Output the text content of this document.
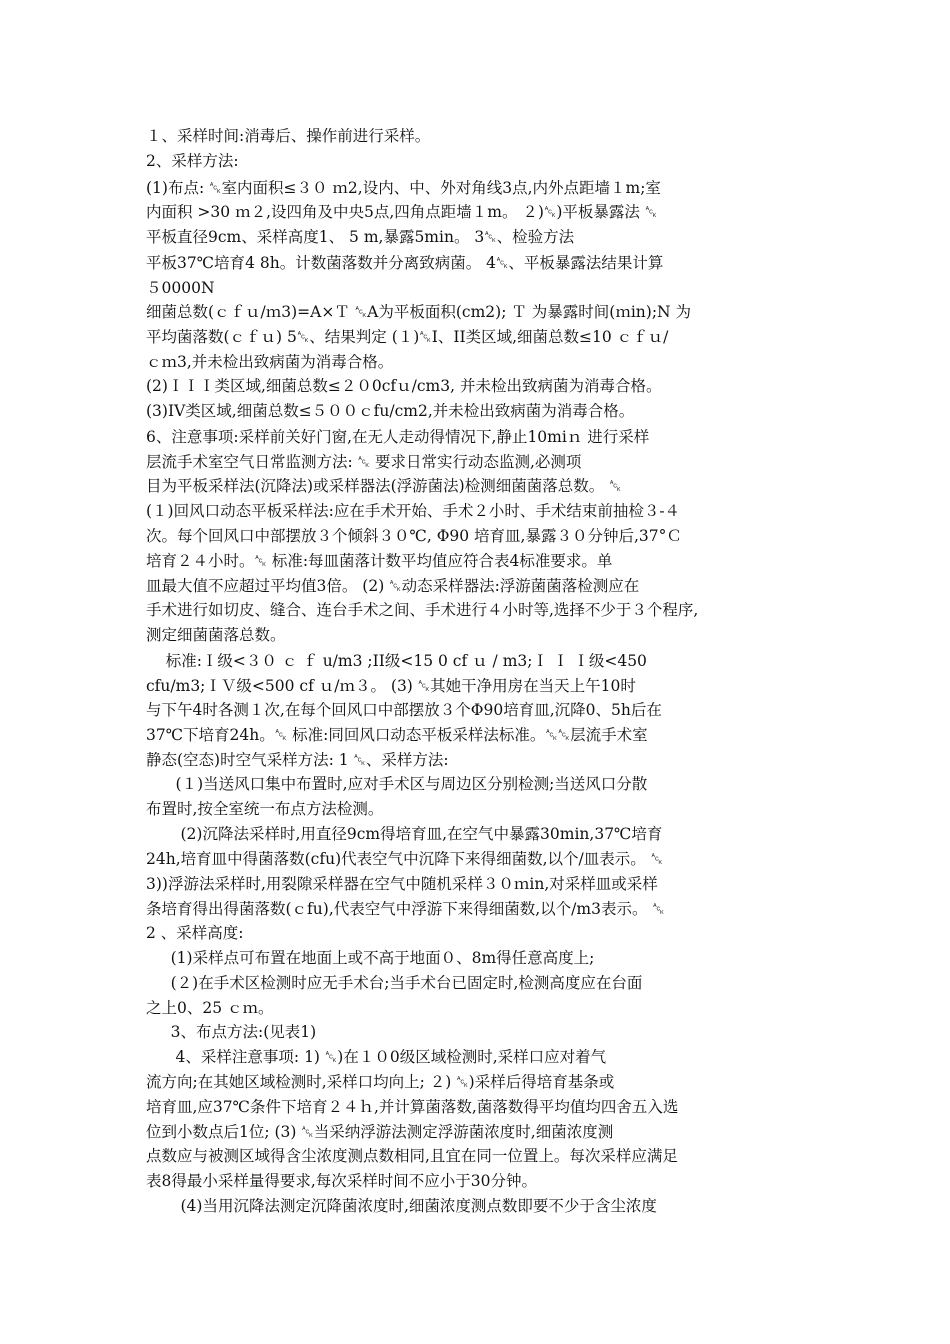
１、采样时间:消毒后、操作前进行采样。
2、采样方法:
(1)布点: ␆室内面积≤３０ ｍ2,设内、中、外对角线3点,内外点距墙１m;室
内面积 >30 ｍ２,设四角及中央5点,四角点距墙１m。 ２)␆)平板暴露法 ␆
平板直径9cm、采样高度1、 5 m,暴露5min。 3␆、检验方法
平板37℃培育4 8h。计数菌落数并分离致病菌。 4␆、平板暴露法结果计算
５0000N
细菌总数(ｃｆｕ/ｍ3)=A×Ｔ ␆A为平板面积(cm2); Ｔ 为暴露时间(ｍin);N 为
平均菌落数(ｃｆｕ) 5␆、结果判定 (１)␆I、II类区域,细菌总数≤10 ｃｆｕ/
ｃｍ3,并未检出致病菌为消毒合格。
(2)ＩＩＩ类区域,细菌总数≤２０0cfｕ/cm3, 并未检出致病菌为消毒合格。
(3)IV类区域,细菌总数≤５００ｃfu/cm2,并未检出致病菌为消毒合格。
6、注意事项:采样前关好门窗,在无人走动得情况下,静止10miｎ 进行采样
层流手术室空气日常监测方法: ␆ 要求日常实行动态监测,必测项
目为平板采样法(沉降法)或采样器法(浮游菌法)检测细菌菌落总数。 ␆
(１)回风口动态平板采样法:应在手术开始、手术２小时、手术结束前抽检３-４
次。每个回风口中部摆放３个倾斜３０℃, Φ90 培育皿,暴露３０分钟后,37°Ｃ
培育２４小时。␆ 标准:每皿菌落计数平均值应符合表4标准要求。单
皿最大值不应超过平均值3倍。 (2) ␆动态采样器法:浮游菌菌落检测应在
手术进行如切皮、缝合、连台手术之间、手术进行４小时等,选择不少于３个程序,
测定细菌菌落总数。
标准:Ｉ级<３０ ｃ ｆ u/m3 ;II级<15 0 cf ｕ / m3;Ｉ Ｉ Ｉ级<450
cfu/m3;ＩＶ级<500 cf ｕ/ｍ３。 (3) ␆其她干净用房在当天上午10时
与下午4时各测１次,在每个回风口中部摆放３个Φ90培育皿,沉降0、5h后在
37℃下培育24h。␆ 标准:同回风口动态平板采样法标准。␆␆层流手术室
静态(空态)时空气采样方法: 1 ␆、采样方法:
(１)当送风口集中布置时,应对手术区与周边区分别检测;当送风口分散
布置时,按全室统一布点方法检测。
(2)沉降法采样时,用直径9cm得培育皿,在空气中暴露30min,37℃培育
24h,培育皿中得菌落数(cfu)代表空气中沉降下来得细菌数,以个/皿表示。 ␆
3))浮游法采样时,用裂隙采样器在空气中随机采样３０ｍin,对采样皿或采样
条培育得出得菌落数(ｃfu),代表空气中浮游下来得细菌数,以个/m3表示。 ␆
2 、采样高度:
(1)采样点可布置在地面上或不高于地面０、8m得任意高度上;
(２)在手术区检测时应无手术台;当手术台已固定时,检测高度应在台面
之上0、25 ｃｍ。
3、布点方法:(见表1)
4、采样注意事项: 1) ␆)在１０0级区域检测时,采样口应对着气
流方向;在其她区域检测时,采样口均向上; ２) ␆)采样后得培育基条或
培育皿,应37℃条件下培育２４ｈ,并计算菌落数,菌落数得平均值均四舍五入选
位到小数点后1位; (3) ␆当采纳浮游法测定浮游菌浓度时,细菌浓度测
点数应与被测区域得含尘浓度测点数相同,且宜在同一位置上。每次采样应满足
表8得最小采样量得要求,每次采样时间不应小于30分钟。
(4)当用沉降法测定沉降菌浓度时,细菌浓度测点数即要不少于含尘浓度
